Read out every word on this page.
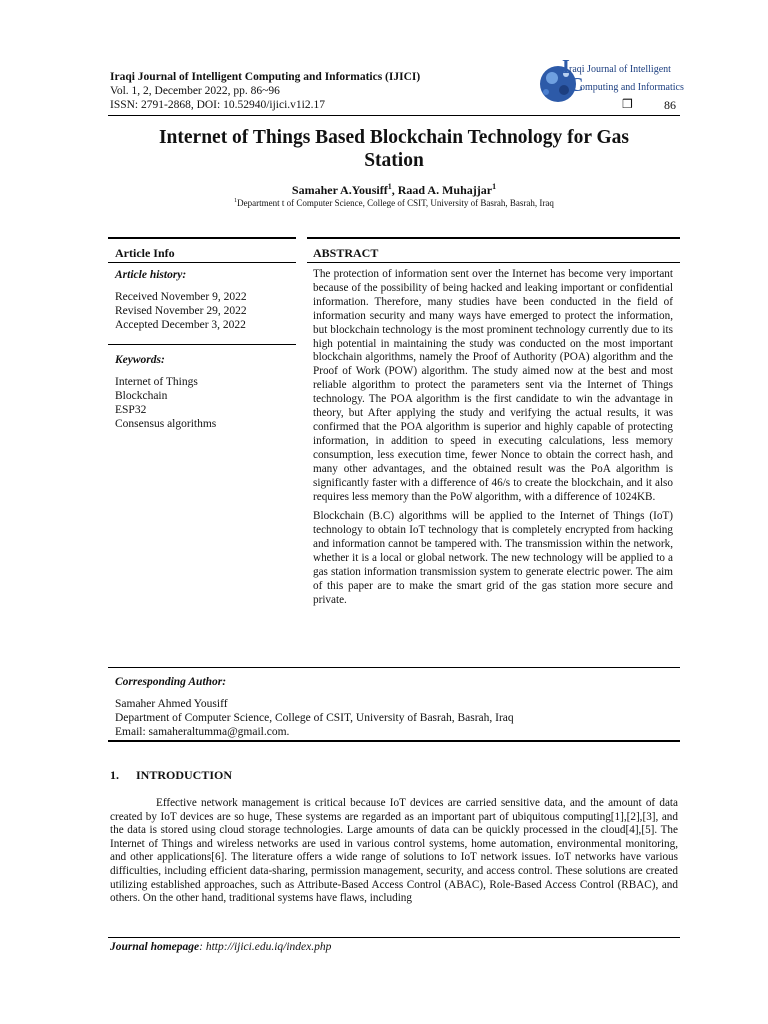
Iraqi Journal of Intelligent Computing and Informatics (IJICI)
Vol. 1, 2, December 2022, pp. 86~96
ISSN: 2791-2868, DOI: 10.52940/ijici.v1i2.17
I raqi Journal of Intelligent
C
omputing and Informatics
❒	86
Internet of Things Based Blockchain Technology for Gas
Station
Samaher A.Yousiff$^1$, Raad A. Muhajjar$^1$
$^1$Department t of Computer Science, College of CSIT, University of Basrah, Basrah, Iraq
Article Info	ABSTRACT
Article history:
Received November 9, 2022
Revised November 29, 2022
Accepted December 3, 2022
Keywords:
Internet of Things
Blockchain
ESP32
Consensus algorithms

The protection of information sent over the Internet has become very important because of the possibility of being hacked and leaking important or confidential information. Therefore, many studies have been conducted in the field of information security and many ways have emerged to protect the information, but blockchain technology is the most prominent technology currently due to its high potential in maintaining the study was conducted on the most important blockchain algorithms, namely the Proof of Authority (POA) algorithm and the Proof of Work (POW) algorithm. The study aimed now at the best and most reliable algorithm to protect the parameters sent via the Internet of Things technology. The POA algorithm is the first candidate to win the advantage in theory, but After applying the study and verifying the actual results, it was confirmed that the POA algorithm is superior and highly capable of protecting information, in addition to speed in executing calculations, less memory consumption, less execution time, fewer Nonce to obtain the correct hash, and many other advantages, and the obtained result was the PoA algorithm is significantly faster with a difference of 46/s to create the blockchain, and it also requires less memory than the PoW algorithm, with a difference of 1024KB.

Blockchain (B.C) algorithms will be applied to the Internet of Things (IoT) technology to obtain IoT technology that is completely encrypted from hacking and information cannot be tampered with. The transmission within the network, whether it is a local or global network. The new technology will be applied to a gas station information transmission system to generate electric power. The aim of this paper are to make the smart grid of the gas station more secure and private.

Corresponding Author:
Samaher Ahmed Yousiff
Department of Computer Science, College of CSIT, University of Basrah, Basrah, Iraq
Email: samaheraltumma@gmail.com.
1. INTRODUCTION
Effective network management is critical because IoT devices are carried sensitive data, and the amount of data created by IoT devices are so huge, These systems are regarded as an important part of ubiquitous computing[1],[2],[3], and the data is stored using cloud storage technologies. Large amounts of data can be quickly processed in the cloud[4],[5]. The Internet of Things and wireless networks are used in various control systems, home automation, environmental monitoring, and other applications[6]. The literature offers a wide range of solutions to IoT network issues. IoT networks have various difficulties, including efficient data-sharing, permission management, security, and access control. These solutions are created utilizing established approaches, such as Attribute-Based Access Control (ABAC), Role-Based Access Control (RBAC), and others. On the other hand, traditional systems have flaws, including
Journal homepage: http://ijici.edu.iq/index.php
